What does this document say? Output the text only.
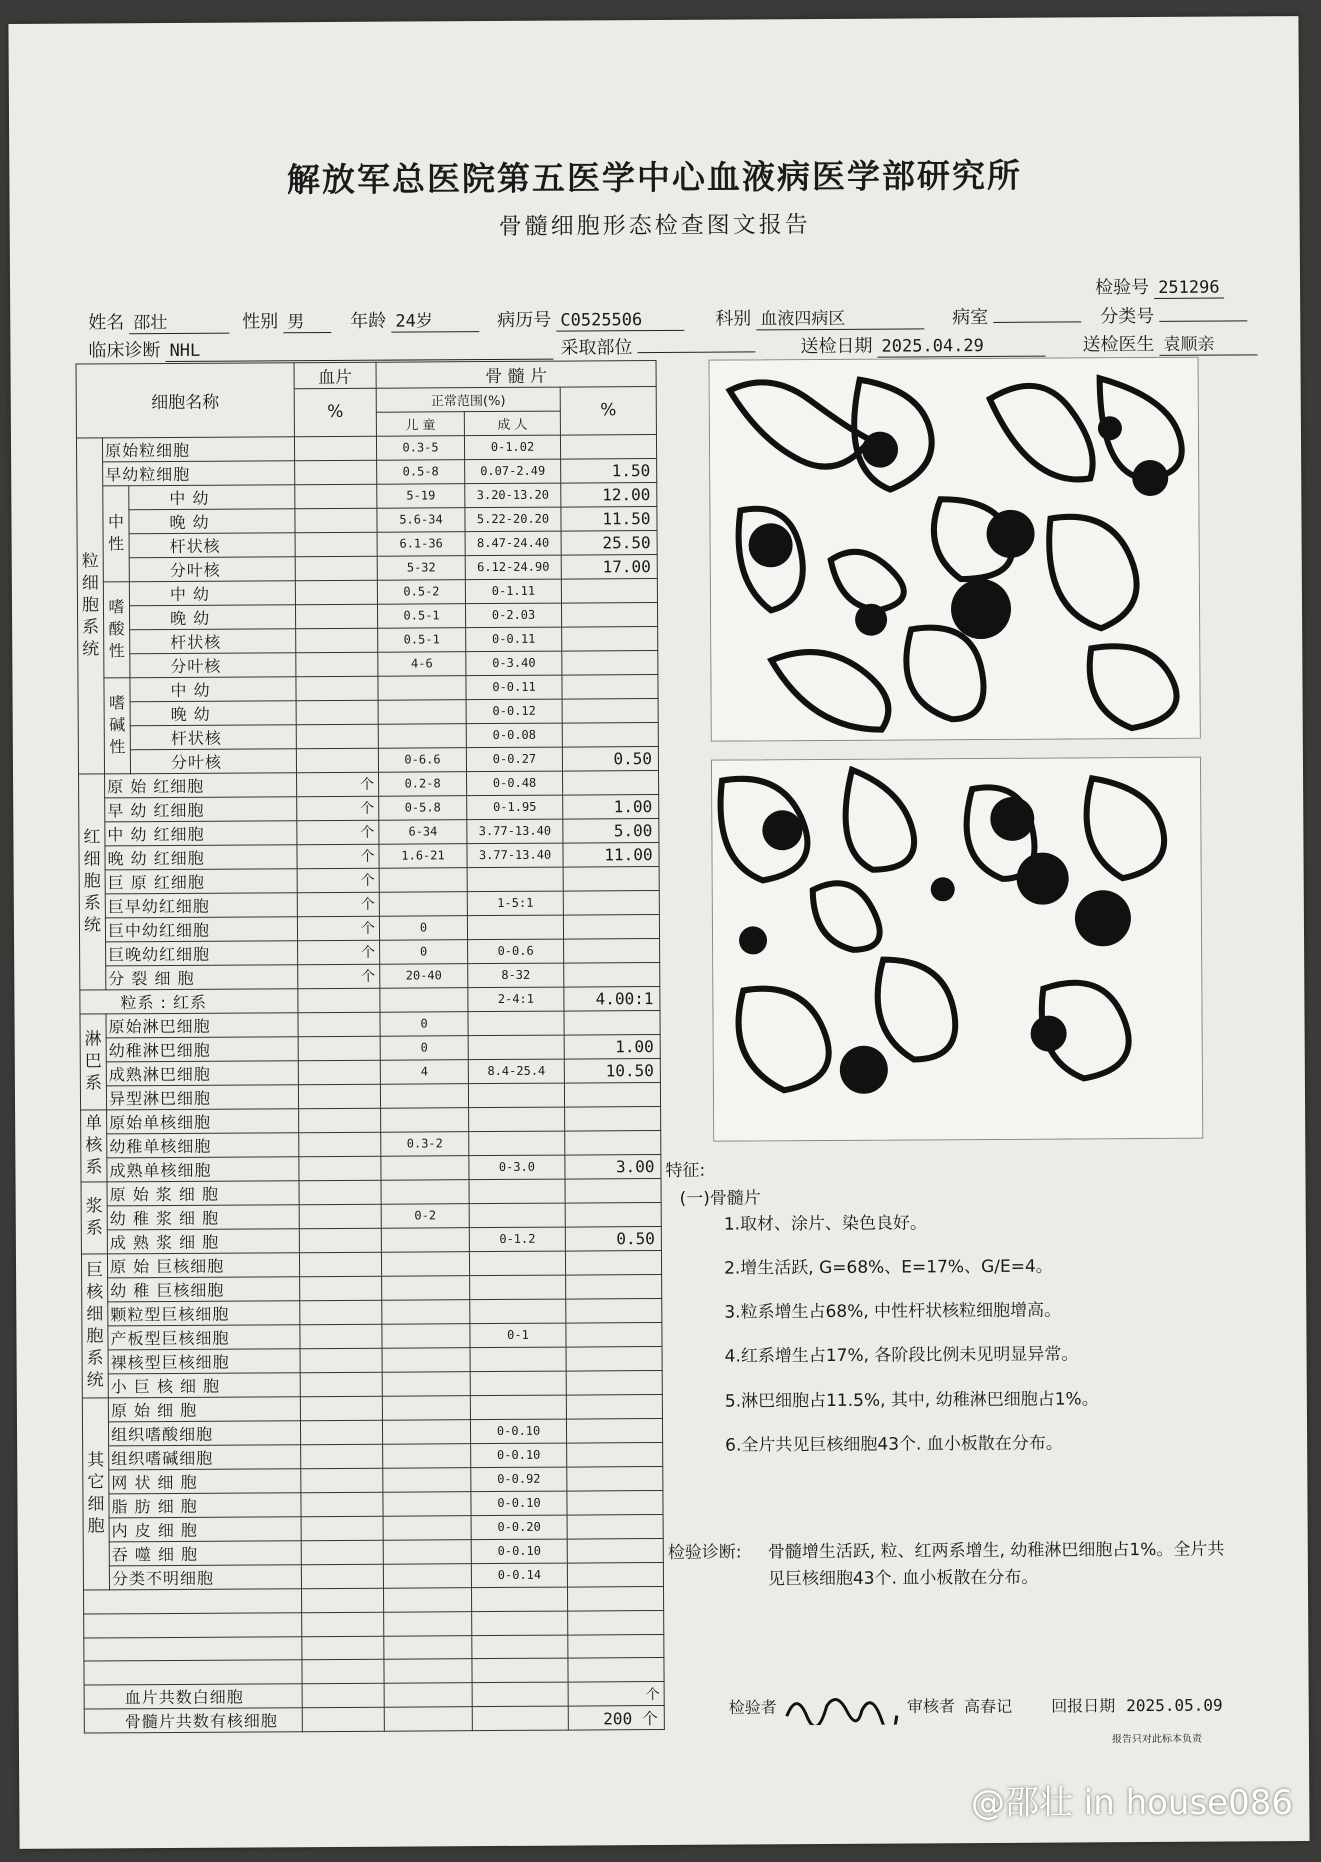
解放军总医院第五医学中心血液病医学部研究所
骨髓细胞形态检查图文报告
检验号 251296
姓名 邵壮	性别 男	年龄 24岁	病历号 C0525506	科别 血液四病区	病室	分类号
临床诊断 NHL	采取部位	送检日期 2025.04.29	送检医生 袁顺亲
细胞名称			血片	骨 髓 片		
			%	正常范围(%)		%
				儿 童	成 人	
粒细胞系统	原始粒细胞			0.3-5	0-1.02	
	早幼粒细胞			0.5-8	0.07-2.49	1.50
	中性	中 幼		5-19	3.20-13.20	12.00
		晚 幼		5.6-34	5.22-20.20	11.50
		杆状核		6.1-36	8.47-24.40	25.50
		分叶核		5-32	6.12-24.90	17.00
	嗜酸性	中 幼		0.5-2	0-1.11	
		晚 幼		0.5-1	0-2.03	
		杆状核		0.5-1	0-0.11	
		分叶核		4-6	0-3.40	
	嗜碱性	中 幼			0-0.11	
		晚 幼			0-0.12	
		杆状核			0-0.08	
		分叶核		0-6.6	0-0.27	0.50
红细胞系统	原 始 红细胞		个	0.2-8	0-0.48	
	早 幼 红细胞		个	0-5.8	0-1.95	1.00
	中 幼 红细胞		个	6-34	3.77-13.40	5.00
	晚 幼 红细胞		个	1.6-21	3.77-13.40	11.00
	巨 原 红细胞		个			
	巨早幼红细胞		个		1-5:1	
	巨中幼红细胞		个	0		
	巨晚幼红细胞		个	0	0-0.6	
	分 裂 细 胞		个	20-40	8-32	
粒系 : 红系					2-4:1	4.00:1
淋巴系	原始淋巴细胞			0		
	幼稚淋巴细胞			0		1.00
	成熟淋巴细胞			4	8.4-25.4	10.50
	异型淋巴细胞					
单核系	原始单核细胞					
	幼稚单核细胞			0.3-2		
	成熟单核细胞				0-3.0	3.00
浆系	原 始 浆 细 胞					
	幼 稚 浆 细 胞			0-2		
	成 熟 浆 细 胞				0-1.2	0.50
巨核细胞系统	原 始 巨核细胞					
	幼 稚 巨核细胞					
	颗粒型巨核细胞					
	产板型巨核细胞				0-1	
	裸核型巨核细胞					
	小 巨 核 细 胞					
其它细胞	原 始 细 胞					
	组织嗜酸细胞				0-0.10	
	组织嗜碱细胞				0-0.10	
	网 状 细 胞				0-0.92	
	脂 肪 细 胞				0-0.10	
	内 皮 细 胞				0-0.20	
	吞 噬 细 胞				0-0.10	
	分类不明细胞				0-0.14	

血片共数白细胞						个
骨髓片共数有核细胞						200 个
特征:
(一)骨髓片
1.取材、涂片、染色良好。
2.增生活跃, G=68%、E=17%、G/E=4。
3.粒系增生占68%, 中性杆状核粒细胞增高。
4.红系增生占17%, 各阶段比例未见明显异常。
5.淋巴细胞占11.5%, 其中, 幼稚淋巴细胞占1%。
6.全片共见巨核细胞43个. 血小板散在分布。
检验诊断: 骨髓增生活跃, 粒、红两系增生, 幼稚淋巴细胞占1%。全片共见巨核细胞43个. 血小板散在分布。
检验者	审核者 高春记 回报日期 2025.05.09
报告只对此标本负责
@邵壮 in house086
